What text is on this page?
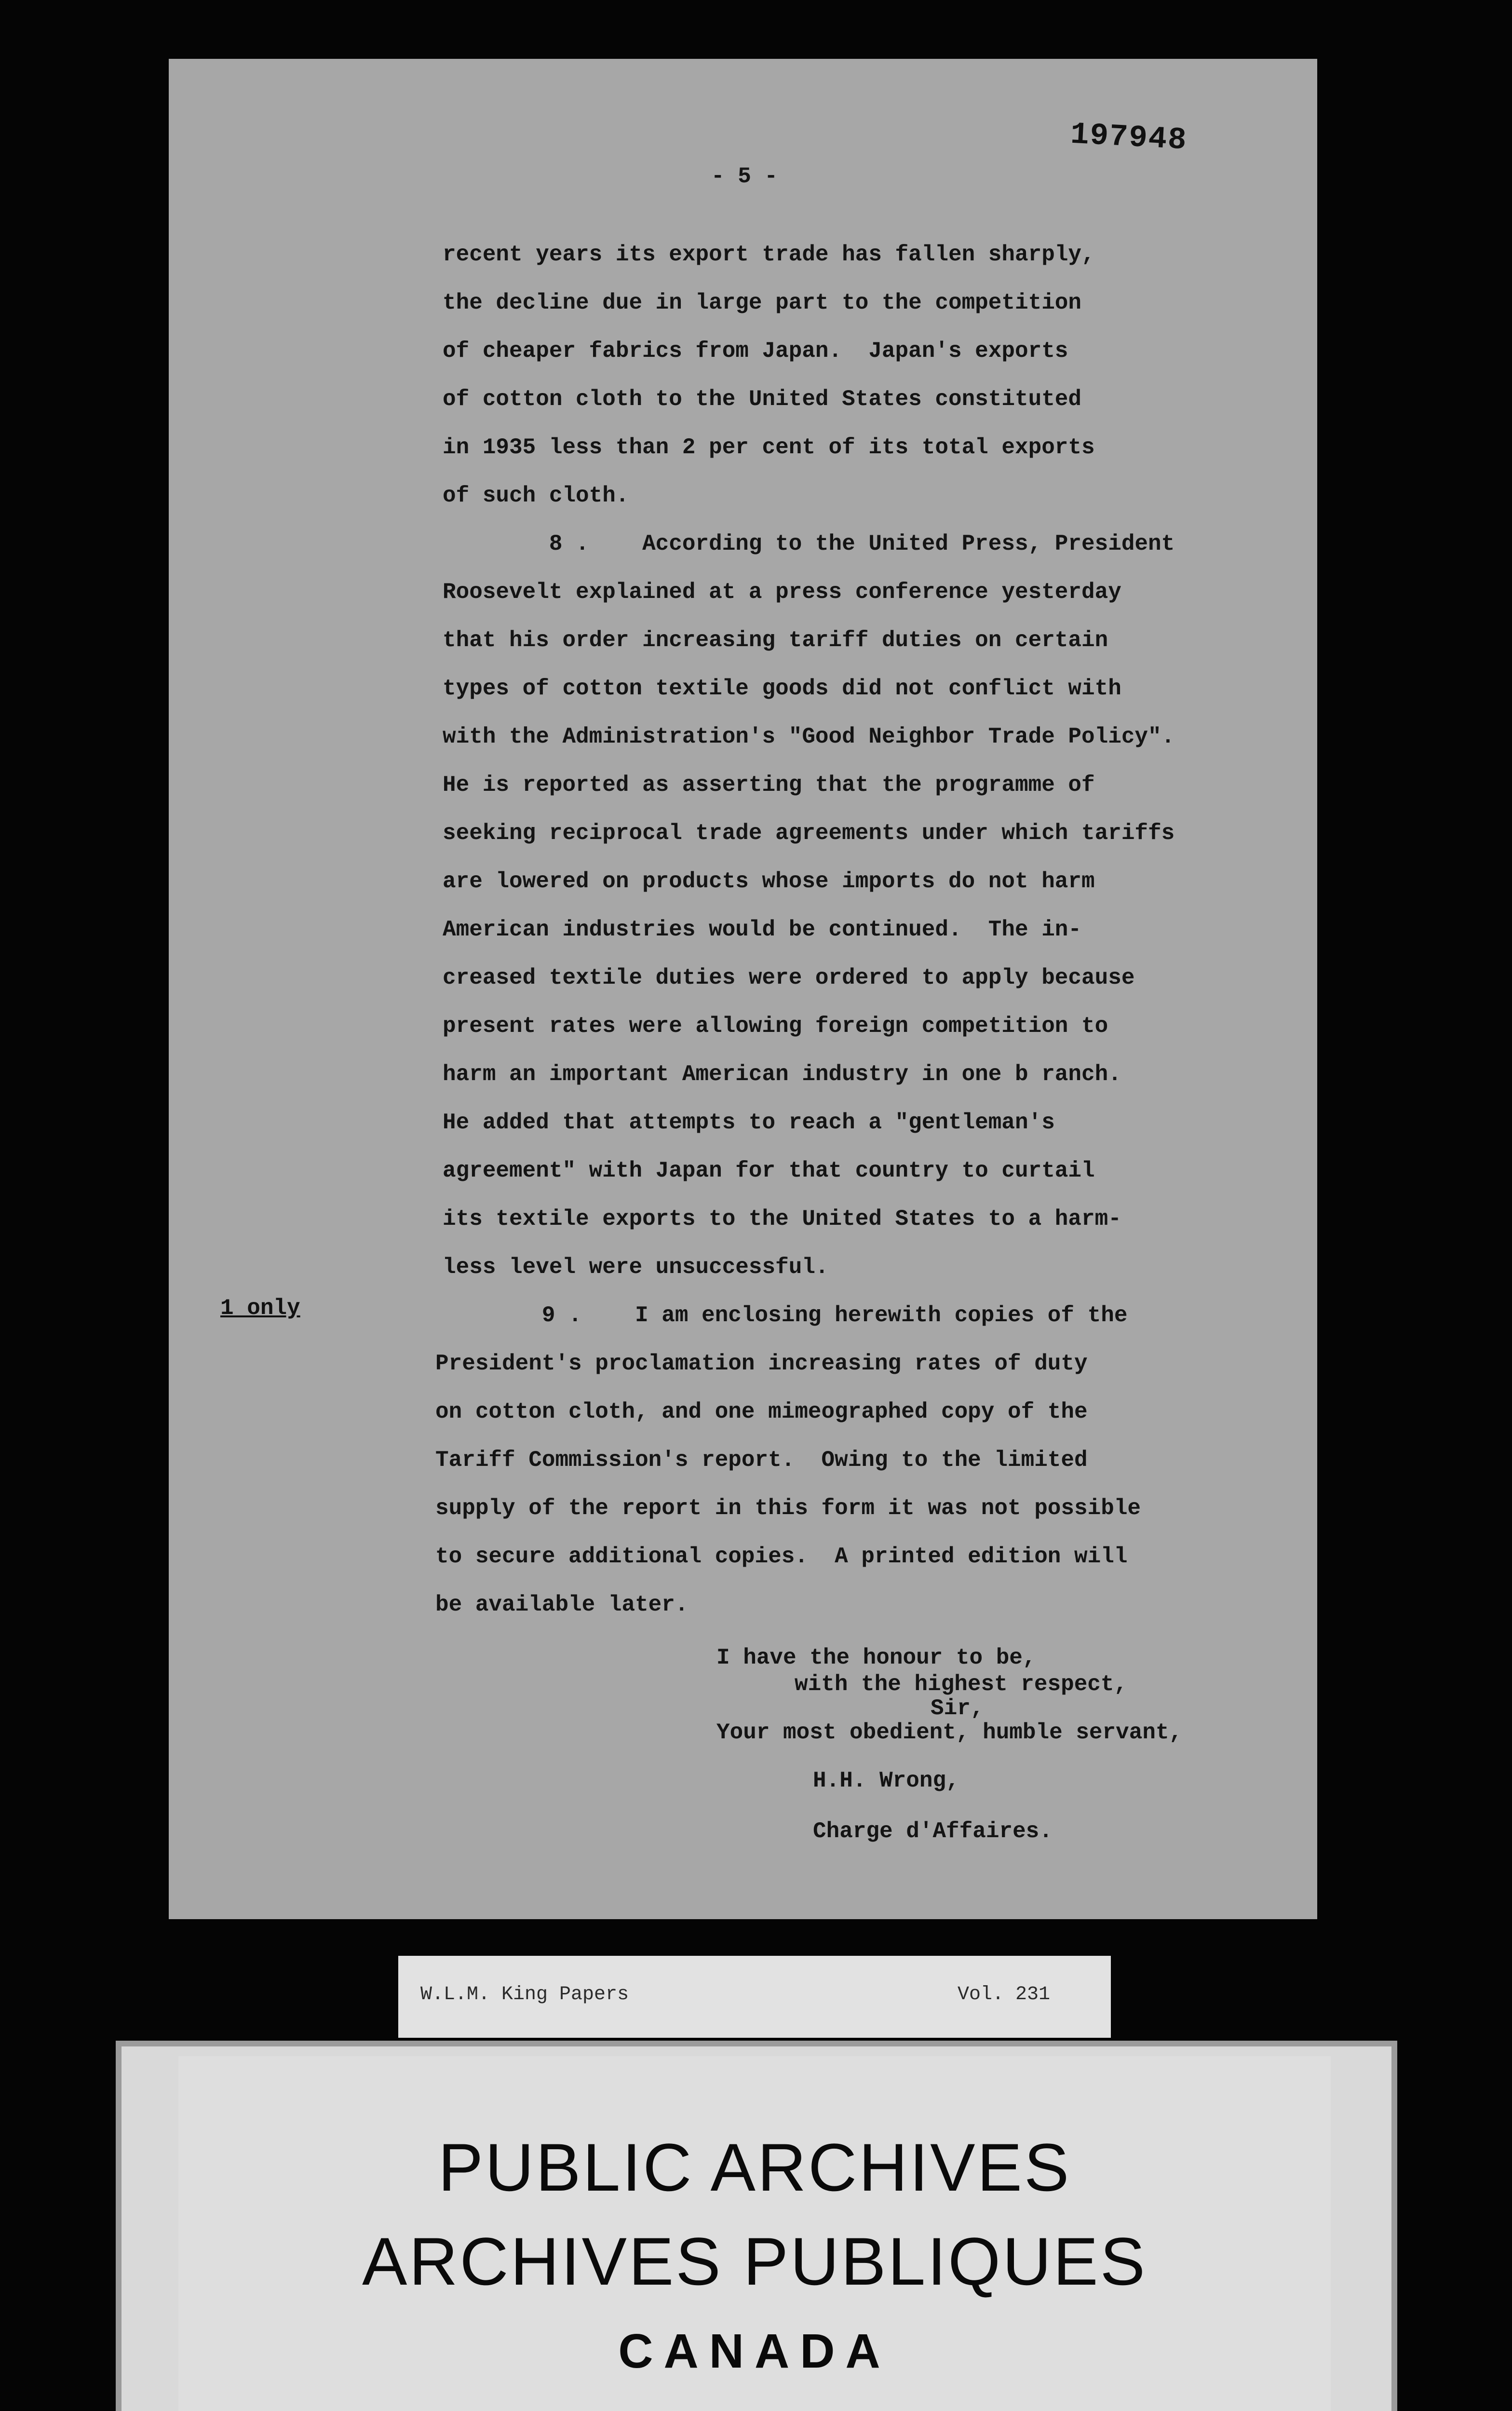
197948
- 5 -
recent years its export trade has fallen sharply,
the decline due in large part to the competition
of cheaper fabrics from Japan.  Japan's exports
of cotton cloth to the United States constituted
in 1935 less than 2 per cent of its total exports
of such cloth.
8 .    According to the United Press, President
Roosevelt explained at a press conference yesterday
that his order increasing tariff duties on certain
types of cotton textile goods did not conflict with
with the Administration's "Good Neighbor Trade Policy".
He is reported as asserting that the programme of
seeking reciprocal trade agreements under which tariffs
are lowered on products whose imports do not harm
American industries would be continued.  The in-
creased textile duties were ordered to apply because
present rates were allowing foreign competition to
harm an important American industry in one b ranch.
He added that attempts to reach a "gentleman's
agreement" with Japan for that country to curtail
its textile exports to the United States to a harm-
less level were unsuccessful.
9 .    I am enclosing herewith copies of the
President's proclamation increasing rates of duty
on cotton cloth, and one mimeographed copy of the
Tariff Commission's report.  Owing to the limited
supply of the report in this form it was not possible
to secure additional copies.  A printed edition will
be available later.
1 only
I have the honour to be,
with the highest respect,
Sir,
Your most obedient, humble servant,
H.H. Wrong,
Charge d'Affaires.
W.L.M. King Papers	Vol. 231
PUBLIC ARCHIVES
ARCHIVES PUBLIQUES
CANADA
